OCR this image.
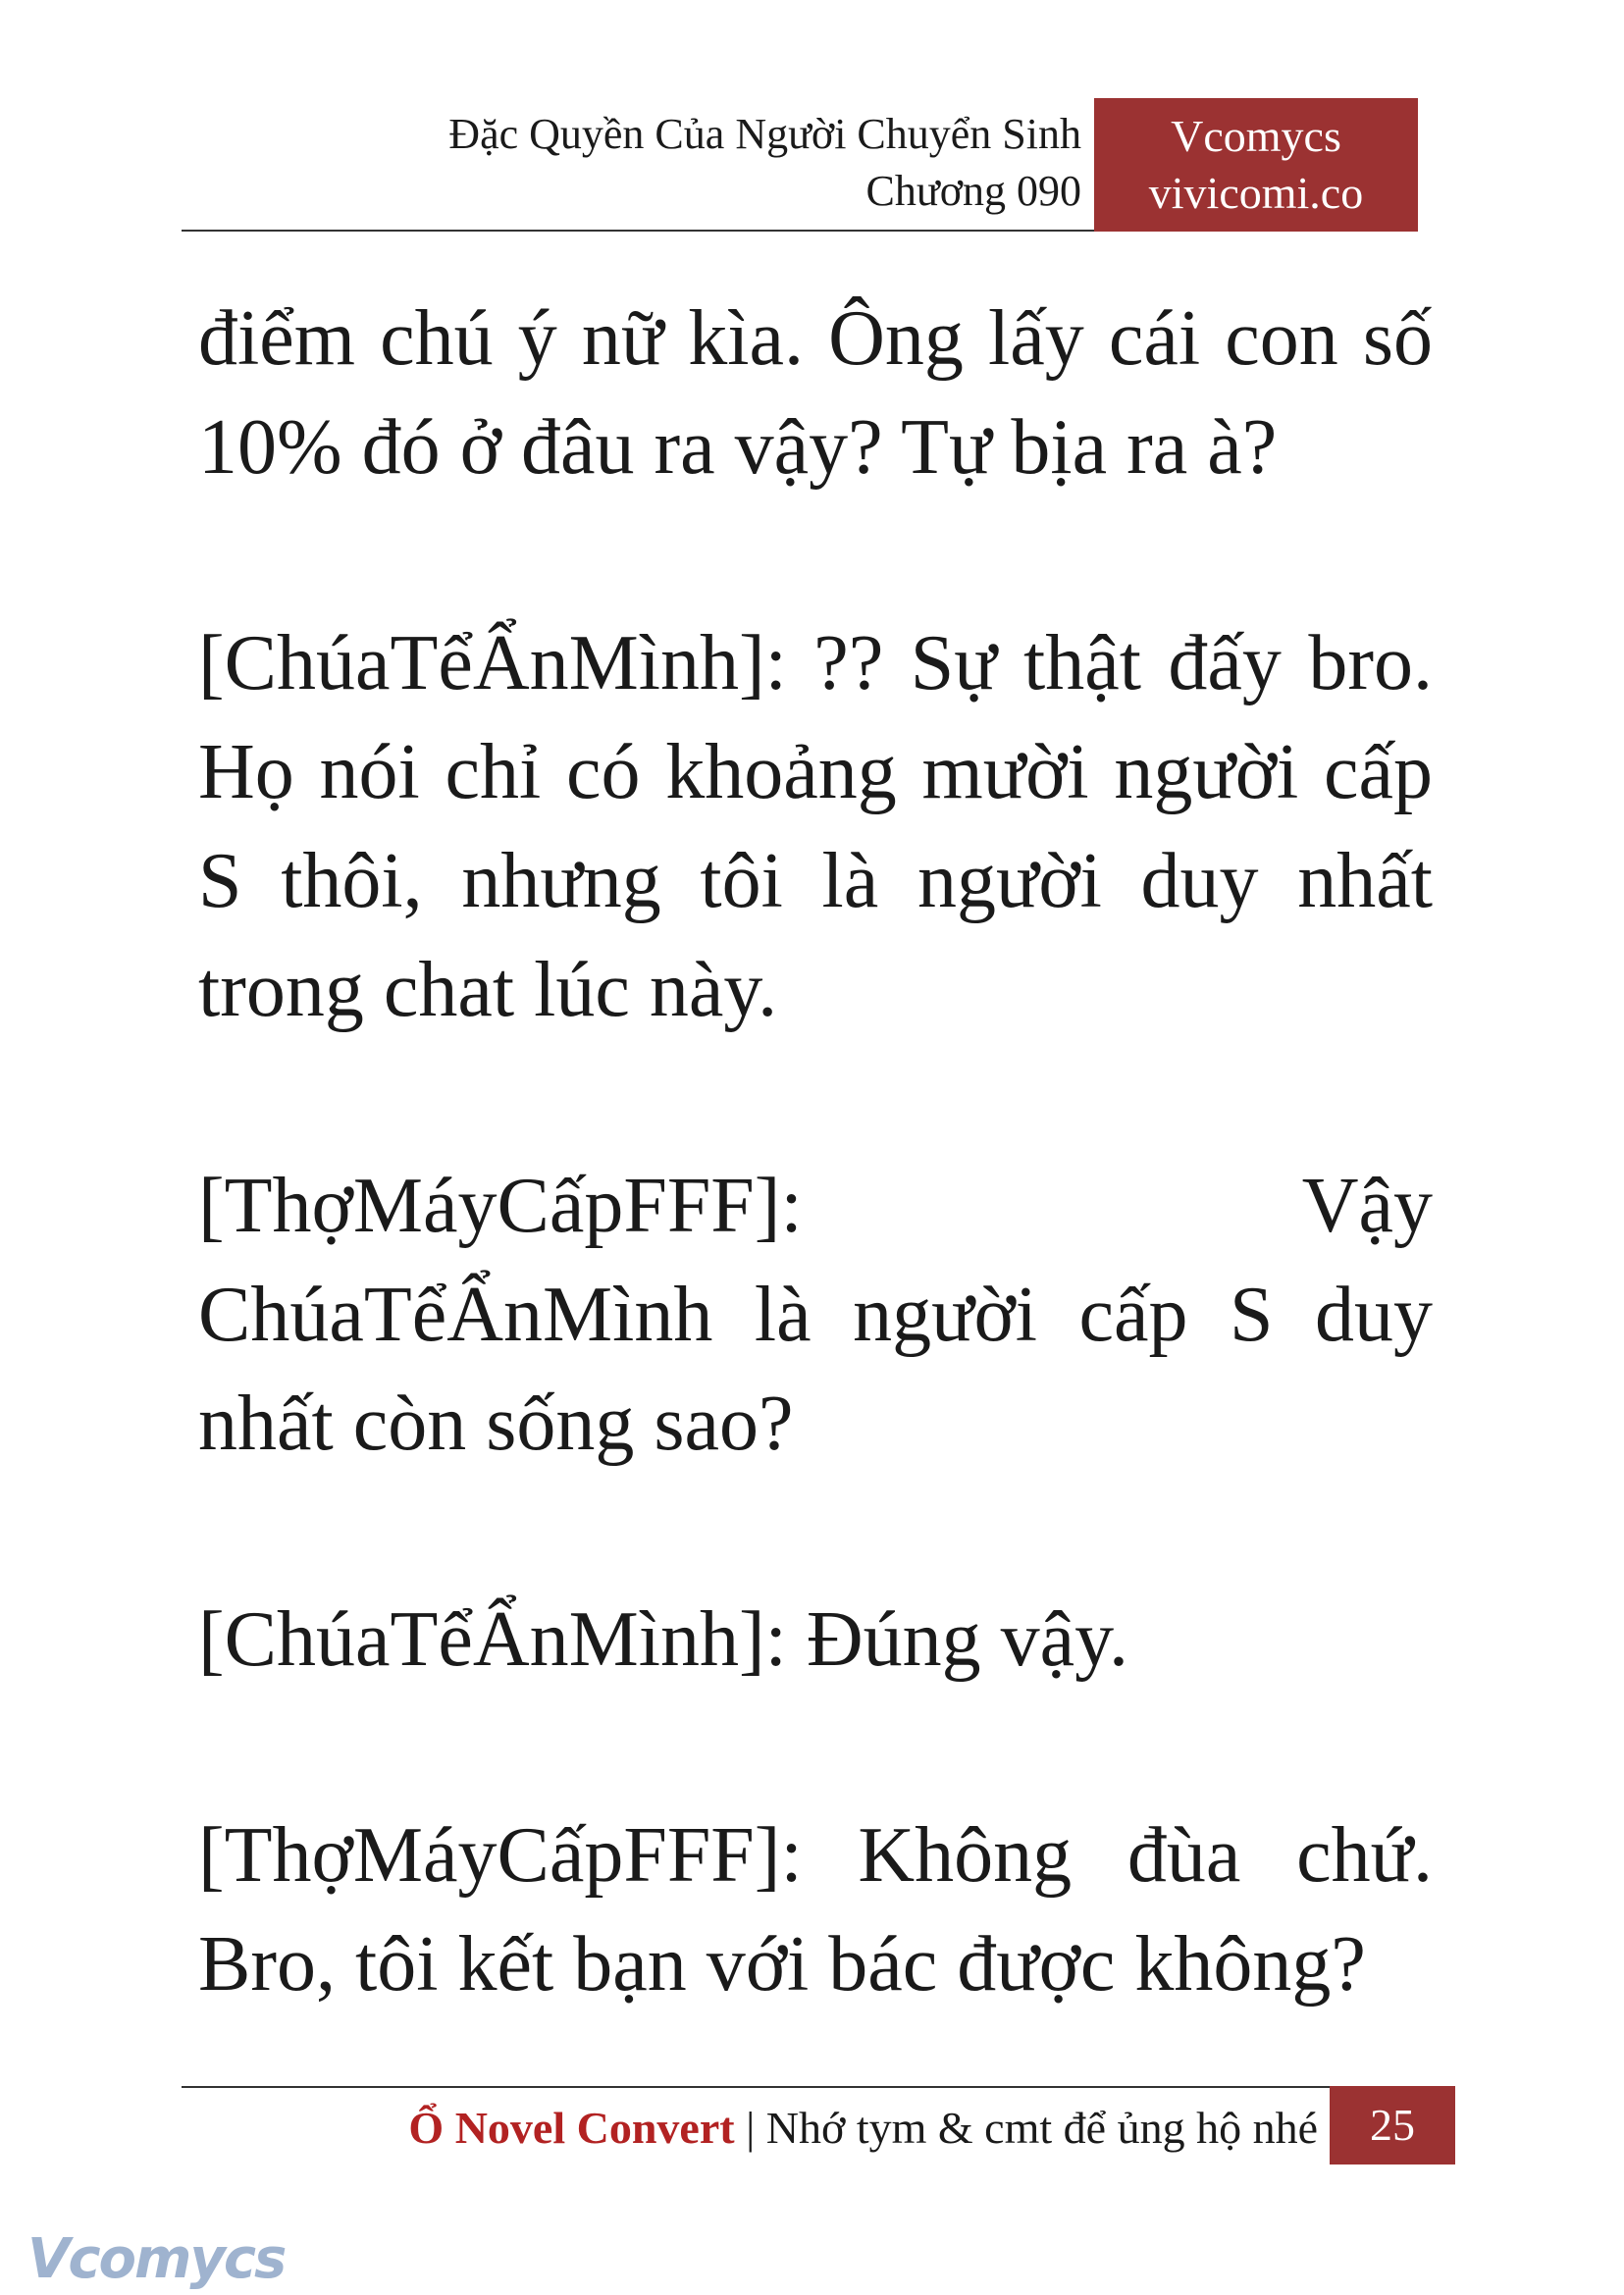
Đặc Quyền Của Người Chuyển Sinh
Chương 090
Vcomycs
vivicomi.co

điểm chú ý nữ kìa. Ông lấy cái con số 10% đó ở đâu ra vậy? Tự bịa ra à?

[ChúaTểẨnMình]: ?? Sự thật đấy bro. Họ nói chỉ có khoảng mười người cấp S thôi, nhưng tôi là người duy nhất trong chat lúc này.

[ThợMáyCấpFFF]: Vậy ChúaTểẨnMình là người cấp S duy nhất còn sống sao?

[ChúaTểẨnMình]: Đúng vậy.

[ThợMáyCấpFFF]: Không đùa chứ. Bro, tôi kết bạn với bác được không?

Ổ Novel Convert | Nhớ tym & cmt để ủng hộ nhé	25
Vcomycs
